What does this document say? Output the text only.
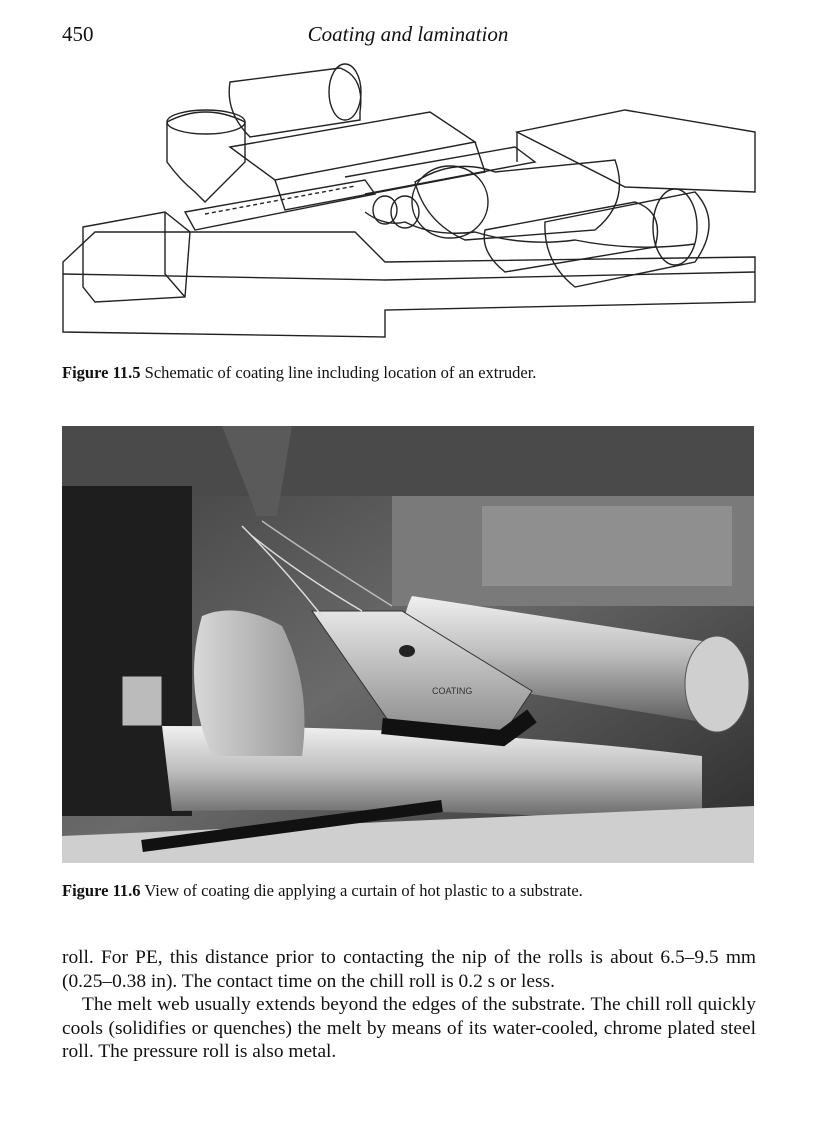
450	Coating and lamination
Figure 11.5 Schematic of coating line including location of an extruder.
COATING
Figure 11.6 View of coating die applying a curtain of hot plastic to a substrate.

roll. For PE, this distance prior to contacting the nip of the rolls is about 6.5–9.5 mm (0.25–0.38 in). The contact time on the chill roll is 0.2 s or less.

The melt web usually extends beyond the edges of the substrate. The chill roll quickly cools (solidifies or quenches) the melt by means of its water-cooled, chrome plated steel roll. The pressure roll is also metal.
